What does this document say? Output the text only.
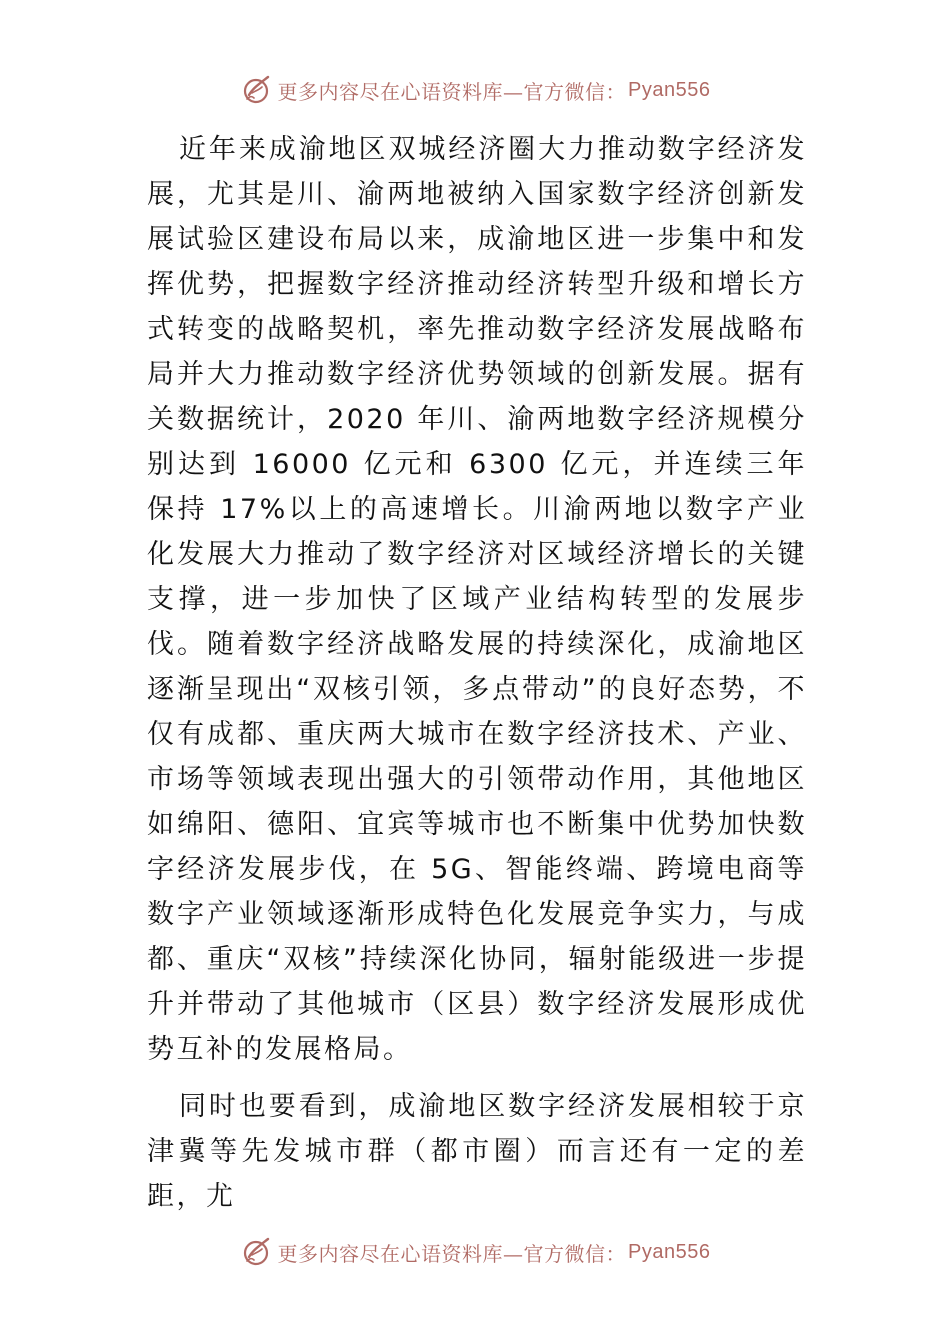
更多内容尽在心语资料库—官方微信： Pyan556

近年来成渝地区双城经济圈大力推动数字经济发展，尤其是川、渝两地被纳入国家数字经济创新发展试验区建设布局以来，成渝地区进一步集中和发挥优势，把握数字经济推动经济转型升级和增长方式转变的战略契机，率先推动数字经济发展战略布局并大力推动数字经济优势领域的创新发展。据有关数据统计，2020 年川、渝两地数字经济规模分别达到 16000 亿元和 6300 亿元，并连续三年保持 17%以上的高速增长。川渝两地以数字产业化发展大力推动了数字经济对区域经济增长的关键支撑，进一步加快了区域产业结构转型的发展步伐。随着数字经济战略发展的持续深化，成渝地区逐渐呈现出“双核引领，多点带动”的良好态势，不仅有成都、重庆两大城市在数字经济技术、产业、市场等领域表现出强大的引领带动作用，其他地区如绵阳、德阳、宜宾等城市也不断集中优势加快数字经济发展步伐，在 5G、智能终端、跨境电商等数字产业领域逐渐形成特色化发展竞争实力，与成都、重庆“双核”持续深化协同，辐射能级进一步提升并带动了其他城市（区县）数字经济发展形成优势互补的发展格局。

同时也要看到，成渝地区数字经济发展相较于京津冀等先发城市群（都市圈）而言还有一定的差距，尤

更多内容尽在心语资料库—官方微信： Pyan556
